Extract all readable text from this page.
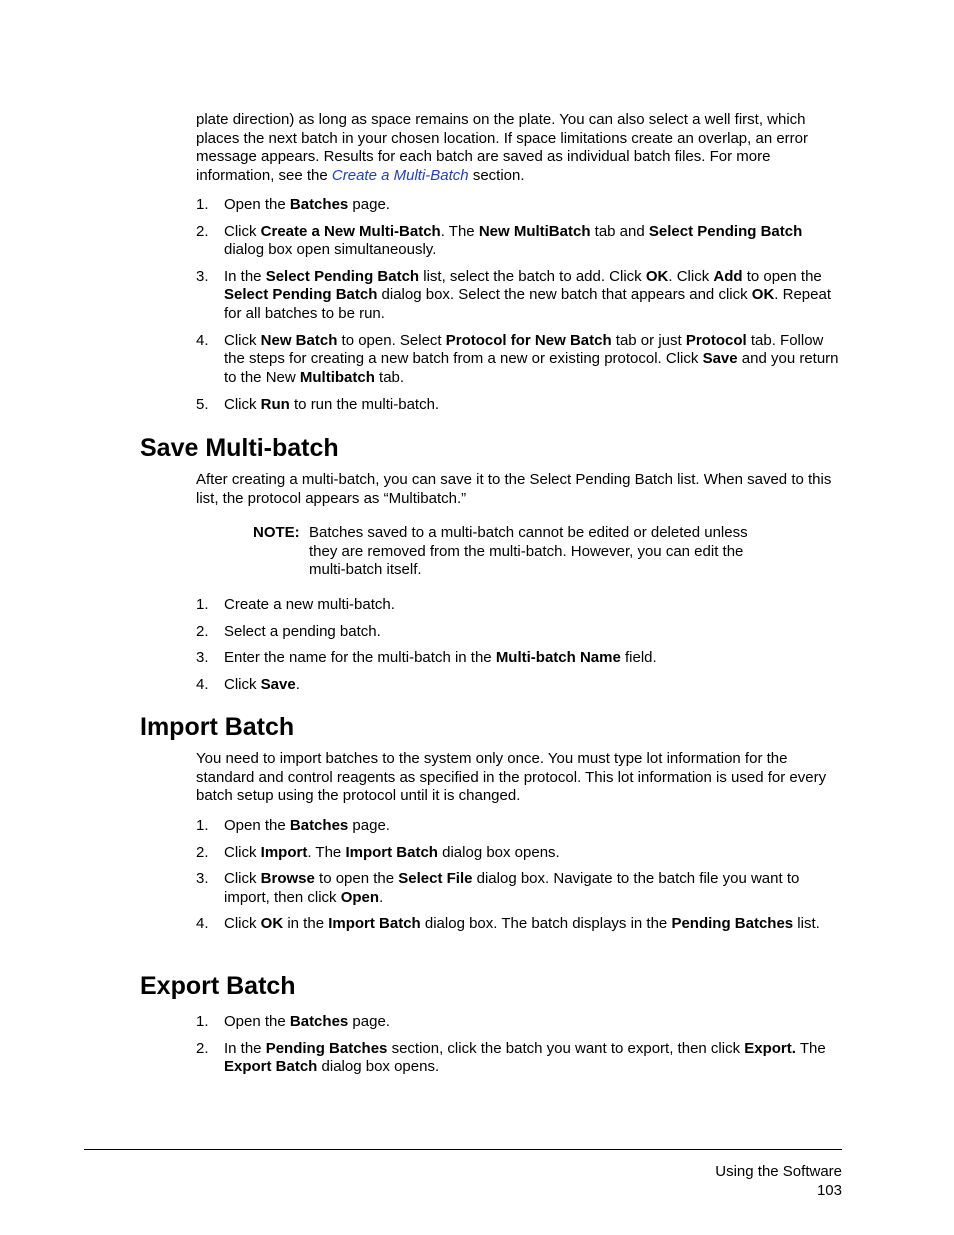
plate direction) as long as space remains on the plate. You can also select a well first, which places the next batch in your chosen location. If space limitations create an overlap, an error message appears. Results for each batch are saved as individual batch files. For more information, see the Create a Multi-Batch section.

1. Open the Batches page.
2. Click Create a New Multi-Batch. The New MultiBatch tab and Select Pending Batch dialog box open simultaneously.
3. In the Select Pending Batch list, select the batch to add. Click OK. Click Add to open the Select Pending Batch dialog box. Select the new batch that appears and click OK. Repeat for all batches to be run.
4. Click New Batch to open. Select Protocol for New Batch tab or just Protocol tab. Follow the steps for creating a new batch from a new or existing protocol. Click Save and you return to the New Multibatch tab.
5. Click Run to run the multi-batch.
Save Multi-batch

After creating a multi-batch, you can save it to the Select Pending Batch list. When saved to this list, the protocol appears as “Multibatch.”

NOTE: Batches saved to a multi-batch cannot be edited or deleted unless they are removed from the multi-batch. However, you can edit the multi-batch itself.
1. Create a new multi-batch.
2. Select a pending batch.
3. Enter the name for the multi-batch in the Multi-batch Name field.
4. Click Save.
Import Batch

You need to import batches to the system only once. You must type lot information for the standard and control reagents as specified in the protocol. This lot information is used for every batch setup using the protocol until it is changed.

1. Open the Batches page.
2. Click Import. The Import Batch dialog box opens.
3. Click Browse to open the Select File dialog box. Navigate to the batch file you want to import, then click Open.
4. Click OK in the Import Batch dialog box. The batch displays in the Pending Batches list.
Export Batch
1. Open the Batches page.
2. In the Pending Batches section, click the batch you want to export, then click Export. The Export Batch dialog box opens.
Using the Software
103
